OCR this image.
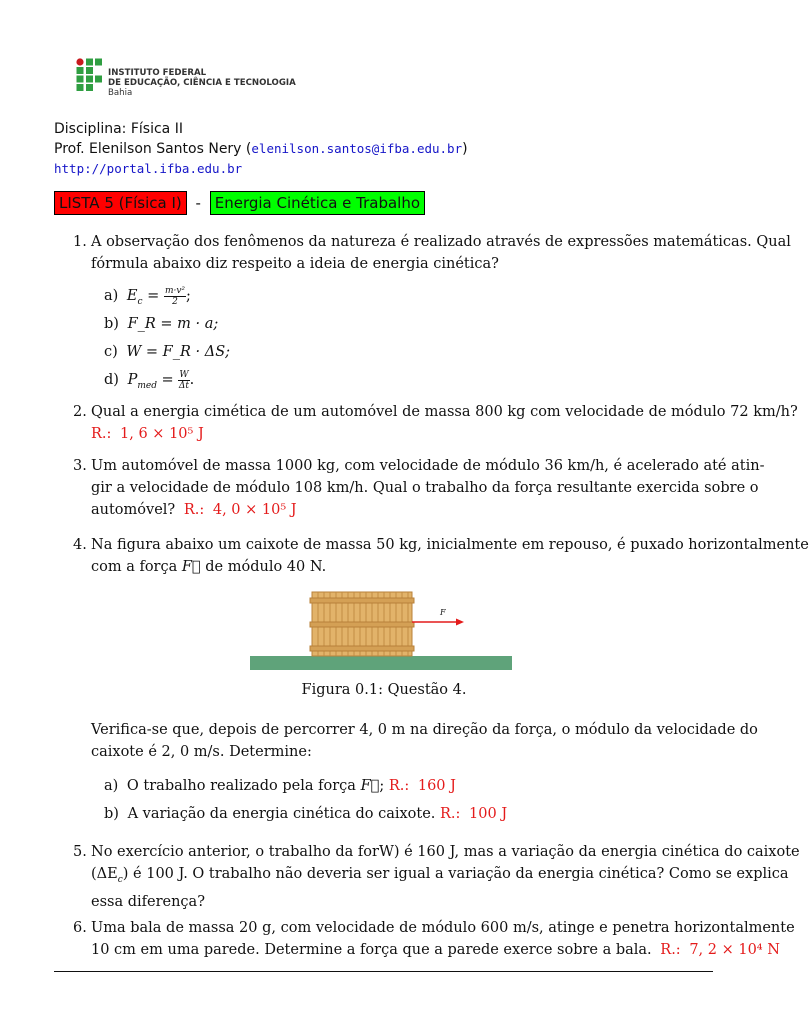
INSTITUTO FEDERAL
DE EDUCAÇÃO, CIÊNCIA E TECNOLOGIA
Bahia
Disciplina: Física II
Prof. Elenilson Santos Nery (elenilson.santos@ifba.edu.br)
http://portal.ifba.edu.br
LISTA 5 (Física I) - Energia Cinética e Trabalho
1. A observação dos fenômenos da natureza é realizado através de expressões matemáticas. Qual
fórmula abaixo diz respeito a ideia de energia cinética?
a) $E_c = \frac{\text{m·v²}}{2}$ ;
b) F_R = m · a;
c) W = F_R · ΔS;
d) $P_{med} = \frac{W}{\Delta t}$ .
2. Qual a energia cimética de um automóvel de massa 800 kg com velocidade de módulo 72 km/h?
R.: 1, 6 × 10⁵ J
3. Um automóvel de massa 1000 kg, com velocidade de módulo 36 km/h, é acelerado até atin-
gir a velocidade de módulo 108 km/h. Qual o trabalho da força resultante exercida sobre o
automóvel? R.: 4, 0 × 10⁵ J
4. Na figura abaixo um caixote de massa 50 kg, inicialmente em repouso, é puxado horizontalmente
com a força F⃗ de módulo 40 N.
F
Figura 0.1: Questão 4.
Verifica-se que, depois de percorrer 4, 0 m na direção da força, o módulo da velocidade do
caixote é 2, 0 m/s. Determine:
a) O trabalho realizado pela força F⃗; R.: 160 J
b) A variação da energia cinética do caixote. R.: 100 J
5. No exercício anterior, o trabalho da forW) é 160 J, mas a variação da energia cinética do caixote
$(\Delta E_c)$ é 100 J. O trabalho não deveria ser igual a variação da energia cinética? Como se explica
essa diferença?
6. Uma bala de massa 20 g, com velocidade de módulo 600 m/s, atinge e penetra horizontalmente
10 cm em uma parede. Determine a força que a parede exerce sobre a bala. R.: 7, 2 × 10⁴ N
